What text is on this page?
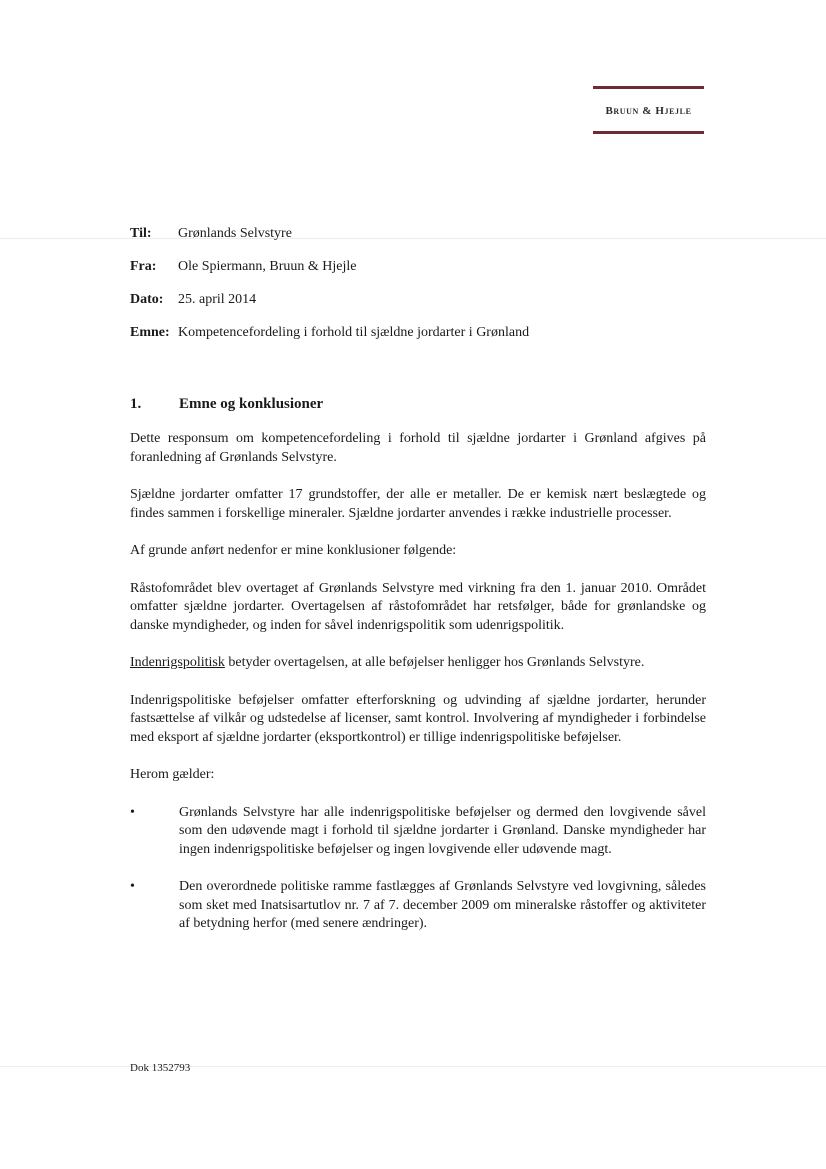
Bruun & Hjejle
Til:	Grønlands Selvstyre
Fra:	Ole Spiermann, Bruun & Hjejle
Dato:	25. april 2014
Emne: Kompetencefordeling i forhold til sjældne jordarter i Grønland
1.	Emne og konklusioner

Dette responsum om kompetencefordeling i forhold til sjældne jordarter i Grønland afgives på foranledning af Grønlands Selvstyre.

Sjældne jordarter omfatter 17 grundstoffer, der alle er metaller. De er kemisk nært beslægtede og findes sammen i forskellige mineraler. Sjældne jordarter anvendes i række industrielle processer.

Af grunde anført nedenfor er mine konklusioner følgende:

Råstofområdet blev overtaget af Grønlands Selvstyre med virkning fra den 1. januar 2010. Området omfatter sjældne jordarter. Overtagelsen af råstofområdet har retsfølger, både for grønlandske og danske myndigheder, og inden for såvel indenrigspolitik som udenrigspolitik.

Indenrigspolitisk betyder overtagelsen, at alle beføjelser henligger hos Grønlands Selvstyre.

Indenrigspolitiske beføjelser omfatter efterforskning og udvinding af sjældne jordarter, herunder fastsættelse af vilkår og udstedelse af licenser, samt kontrol. Involvering af myndigheder i forbindelse med eksport af sjældne jordarter (eksportkontrol) er tillige indenrigspolitiske beføjelser.

Herom gælder:

•	Grønlands Selvstyre har alle indenrigspolitiske beføjelser og dermed den lovgivende såvel som den udøvende magt i forhold til sjældne jordarter i Grønland. Danske myndigheder har ingen indenrigspolitiske beføjelser og ingen lovgivende eller udøvende magt.
•	Den overordnede politiske ramme fastlægges af Grønlands Selvstyre ved lovgivning, således som sket med Inatsisartutlov nr. 7 af 7. december 2009 om mineralske råstoffer og aktiviteter af betydning herfor (med senere ændringer).
Dok 1352793
